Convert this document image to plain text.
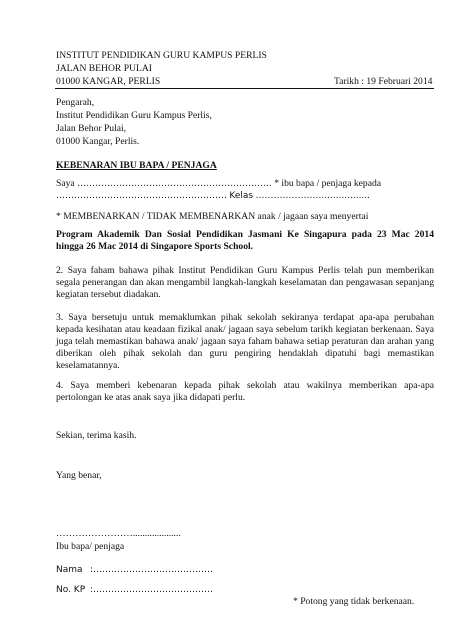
INSTITUT PENDIDIKAN GURU KAMPUS PERLIS
JALAN BEHOR PULAI
01000 KANGAR, PERLIS	Tarikh : 19 Februari 2014
Pengarah,
Institut Pendidikan Guru Kampus Perlis,
Jalan Behor Pulai,
01000 Kangar, Perlis.
KEBENARAN IBU BAPA / PENJAGA
Saya ……………………………………………………….. * ibu bapa / penjaga kepada
………………………………………………… Kelas …………………..................
* MEMBENARKAN / TIDAK MEMBENARKAN anak / jagaan saya menyertai
Program Akademik Dan Sosial Pendidikan Jasmani Ke Singapura pada 23 Mac 2014 hingga 26 Mac 2014 di Singapore Sports School.
2. Saya faham bahawa pihak Institut Pendidikan Guru Kampus Perlis telah pun memberikan segala penerangan dan akan mengambil langkah-langkah keselamatan dan pengawasan sepanjang kegiatan tersebut diadakan.
3. Saya bersetuju untuk memaklumkan pihak sekolah sekiranya terdapat apa-apa perubahan kepada kesihatan atau keadaan fizikal anak/ jagaan saya sebelum tarikh kegiatan berkenaan. Saya juga telah memastikan bahawa anak/ jagaan saya faham bahawa setiap peraturan dan arahan yang diberikan oleh pihak sekolah dan guru pengiring hendaklah dipatuhi bagi memastikan keselamatannya.
4. Saya memberi kebenaran kepada pihak sekolah atau wakilnya memberikan apa-apa pertolongan ke atas anak saya jika didapati perlu.
Sekian, terima kasih.
Yang benar,
……………………....................
Ibu bapa/ penjaga
Nama :………………………………….
No. KP :………………………………….
* Potong yang tidak berkenaan.
